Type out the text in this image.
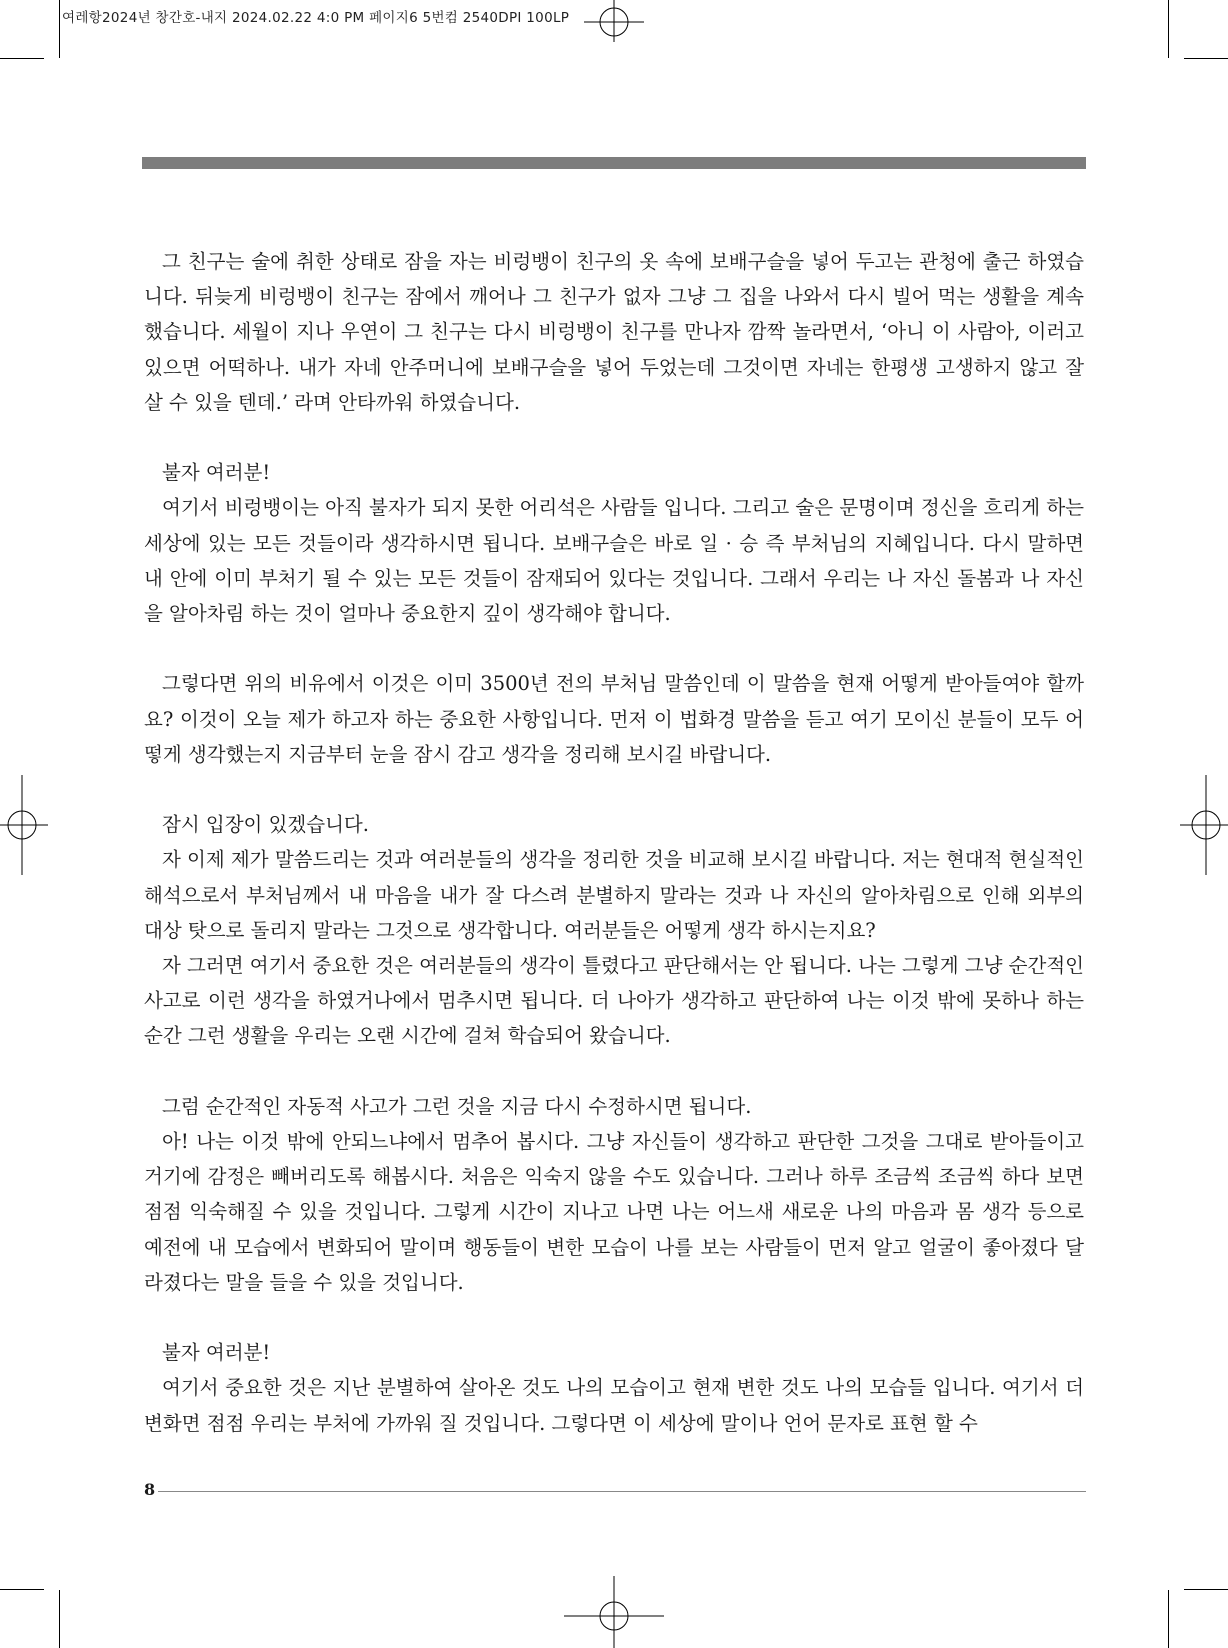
여레항2024년 창간호-내지 2024.02.22 4:0 PM 페이지6 5번컴 2540DPI 100LP

그 친구는 술에 취한 상태로 잠을 자는 비렁뱅이 친구의 옷 속에 보배구슬을 넣어 두고는 관청에 출근 하였습니다. 뒤늦게 비렁뱅이 친구는 잠에서 깨어나 그 친구가 없자 그냥 그 집을 나와서 다시 빌어 먹는 생활을 계속 했습니다. 세월이 지나 우연이 그 친구는 다시 비렁뱅이 친구를 만나자 깜짝 놀라면서, ‘아니 이 사람아, 이러고 있으면 어떡하나. 내가 자네 안주머니에 보배구슬을 넣어 두었는데 그것이면 자네는 한평생 고생하지 않고 잘 살 수 있을 텐데.’ 라며 안타까워 하였습니다.

불자 여러분!

여기서 비렁뱅이는 아직 불자가 되지 못한 어리석은 사람들 입니다. 그리고 술은 문명이며 정신을 흐리게 하는 세상에 있는 모든 것들이라 생각하시면 됩니다. 보배구슬은 바로 일 · 승 즉 부처님의 지혜입니다. 다시 말하면 내 안에 이미 부처기 될 수 있는 모든 것들이 잠재되어 있다는 것입니다. 그래서 우리는 나 자신 돌봄과 나 자신을 알아차림 하는 것이 얼마나 중요한지 깊이 생각해야 합니다.

그렇다면 위의 비유에서 이것은 이미 3500년 전의 부처님 말씀인데 이 말씀을 현재 어떻게 받아들여야 할까요? 이것이 오늘 제가 하고자 하는 중요한 사항입니다. 먼저 이 법화경 말씀을 듣고 여기 모이신 분들이 모두 어떻게 생각했는지 지금부터 눈을 잠시 감고 생각을 정리해 보시길 바랍니다.

잠시 입장이 있겠습니다.

자 이제 제가 말씀드리는 것과 여러분들의 생각을 정리한 것을 비교해 보시길 바랍니다. 저는 현대적 현실적인 해석으로서 부처님께서 내 마음을 내가 잘 다스려 분별하지 말라는 것과 나 자신의 알아차림으로 인해 외부의 대상 탓으로 돌리지 말라는 그것으로 생각합니다. 여러분들은 어떻게 생각 하시는지요?

자 그러면 여기서 중요한 것은 여러분들의 생각이 틀렸다고 판단해서는 안 됩니다. 나는 그렇게 그냥 순간적인 사고로 이런 생각을 하였거나에서 멈추시면 됩니다. 더 나아가 생각하고 판단하여 나는 이것 밖에 못하나 하는 순간 그런 생활을 우리는 오랜 시간에 걸쳐 학습되어 왔습니다.

그럼 순간적인 자동적 사고가 그런 것을 지금 다시 수정하시면 됩니다.

아! 나는 이것 밖에 안되느냐에서 멈추어 봅시다. 그냥 자신들이 생각하고 판단한 그것을 그대로 받아들이고 거기에 감정은 빼버리도록 해봅시다. 처음은 익숙지 않을 수도 있습니다. 그러나 하루 조금씩 조금씩 하다 보면 점점 익숙해질 수 있을 것입니다. 그렇게 시간이 지나고 나면 나는 어느새 새로운 나의 마음과 몸 생각 등으로 예전에 내 모습에서 변화되어 말이며 행동들이 변한 모습이 나를 보는 사람들이 먼저 알고 얼굴이 좋아졌다 달라졌다는 말을 들을 수 있을 것입니다.

불자 여러분!

여기서 중요한 것은 지난 분별하여 살아온 것도 나의 모습이고 현재 변한 것도 나의 모습들 입니다. 여기서 더 변화면 점점 우리는 부처에 가까워 질 것입니다. 그렇다면 이 세상에 말이나 언어 문자로 표현 할 수

8
